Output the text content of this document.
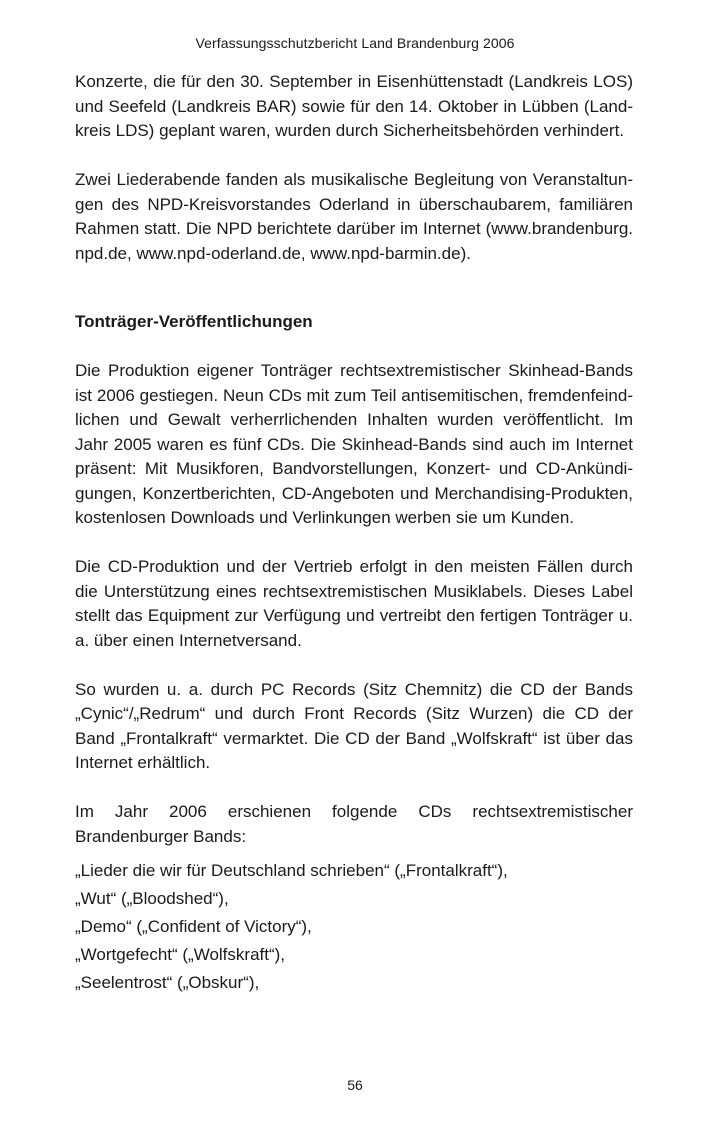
Verfassungsschutzbericht Land Brandenburg 2006

Konzerte, die für den 30. September in Eisenhüttenstadt (Landkreis LOS) und Seefeld (Landkreis BAR) sowie für den 14. Oktober in Lübben (Landkreis LDS) geplant waren, wurden durch Sicherheitsbehörden verhindert.

Zwei Liederabende fanden als musikalische Begleitung von Veranstaltungen des NPD-Kreisvorstandes Oderland in überschaubarem, familiären Rahmen statt. Die NPD berichtete darüber im Internet (www.brandenburg.​npd.de, www.npd-oderland.de, www.npd-barmin.de).

Tonträger-Veröffentlichungen

Die Produktion eigener Tonträger rechtsextremistischer Skinhead-Bands ist 2006 gestiegen. Neun CDs mit zum Teil antisemitischen, fremdenfeindlichen und Gewalt verherrlichenden Inhalten wurden veröffentlicht. Im Jahr 2005 waren es fünf CDs. Die Skinhead-Bands sind auch im Internet präsent: Mit Musikforen, Bandvorstellungen, Konzert- und CD-Ankündigungen, Konzertberichten, CD-Angeboten und Merchandising-Produkten, kostenlosen Downloads und Verlinkungen werben sie um Kunden.

Die CD-Produktion und der Vertrieb erfolgt in den meisten Fällen durch die Unterstützung eines rechtsextremistischen Musiklabels. Dieses Label stellt das Equipment zur Verfügung und vertreibt den fertigen Tonträger u. a. über einen Internetversand.

So wurden u. a. durch PC Records (Sitz Chemnitz) die CD der Bands „Cynic“/„Redrum“ und durch Front Records (Sitz Wurzen) die CD der Band „Frontalkraft“ vermarktet. Die CD der Band „Wolfskraft“ ist über das Internet erhältlich.

Im Jahr 2006 erschienen folgende CDs rechtsextremistischer Brandenburger Bands:

„Lieder die wir für Deutschland schrieben“ („Frontalkraft“),

„Wut“ („Bloodshed“),

„Demo“ („Confident of Victory“),

„Wortgefecht“ („Wolfskraft“),

„Seelentrost“ („Obskur“),

56
